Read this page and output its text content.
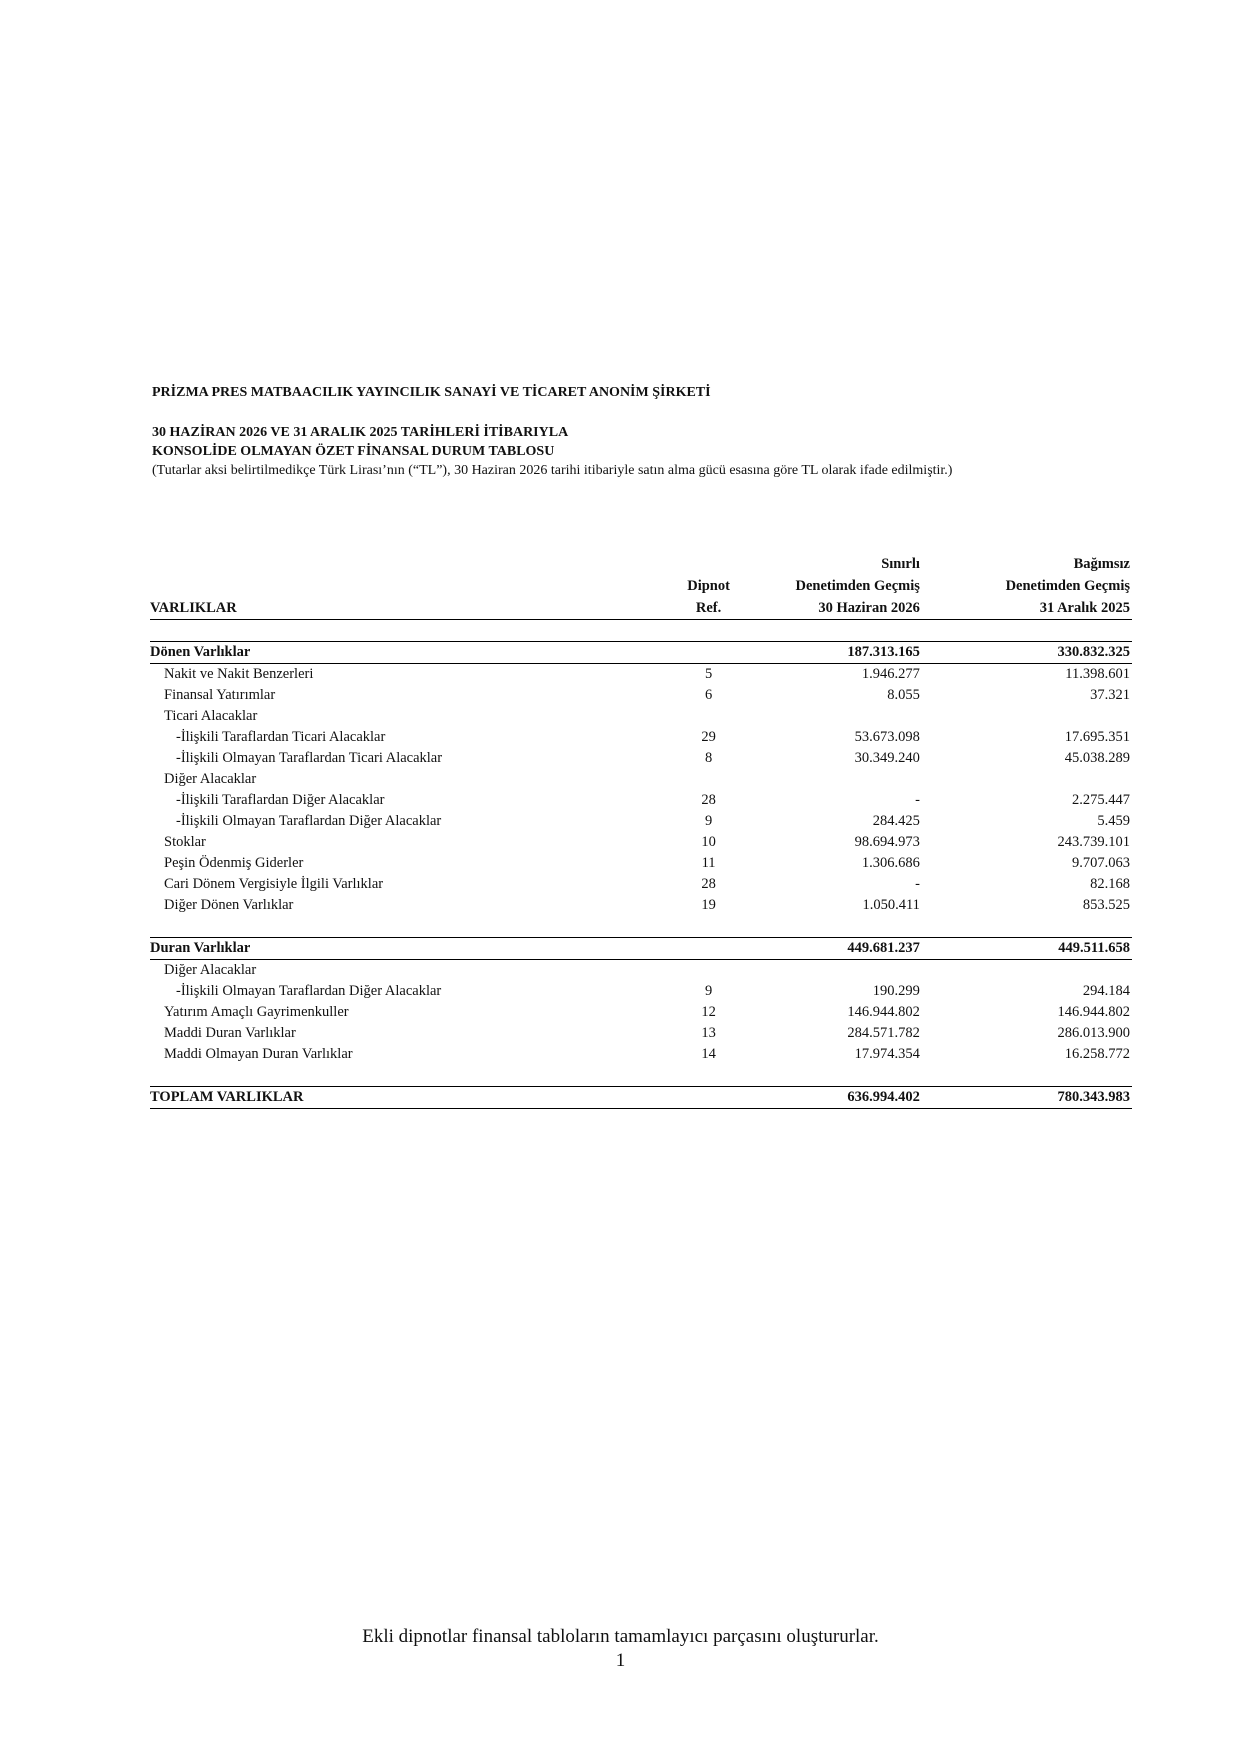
PRİZMA PRES MATBAACILIK YAYINCILIK SANAYİ VE TİCARET ANONİM ŞİRKETİ

30 HAZİRAN 2026 VE 31 ARALIK 2025 TARİHLERİ İTİBARIYLA

KONSOLİDE OLMAYAN ÖZET FİNANSAL DURUM TABLOSU

(Tutarlar aksi belirtilmedikçe Türk Lirası’nın (“TL”), 30 Haziran 2026 tarihi itibariyle satın alma gücü esasına göre TL olarak ifade edilmiştir.)

		Sınırlı	Bağımsız
	Dipnot	Denetimden Geçmiş	Denetimden Geçmiş
VARLIKLAR	Ref.	30 Haziran 2026	31 Aralık 2025

Dönen Varlıklar		187.313.165	330.832.325
Nakit ve Nakit Benzerleri	5	1.946.277	11.398.601
Finansal Yatırımlar	6	8.055	37.321
Ticari Alacaklar			
-İlişkili Taraflardan Ticari Alacaklar	29	53.673.098	17.695.351
-İlişkili Olmayan Taraflardan Ticari Alacaklar	8	30.349.240	45.038.289
Diğer Alacaklar			
-İlişkili Taraflardan Diğer Alacaklar	28	-	2.275.447
-İlişkili Olmayan Taraflardan Diğer Alacaklar	9	284.425	5.459
Stoklar	10	98.694.973	243.739.101
Peşin Ödenmiş Giderler	11	1.306.686	9.707.063
Cari Dönem Vergisiyle İlgili Varlıklar	28	-	82.168
Diğer Dönen Varlıklar	19	1.050.411	853.525

Duran Varlıklar		449.681.237	449.511.658
Diğer Alacaklar			
-İlişkili Olmayan Taraflardan Diğer Alacaklar	9	190.299	294.184
Yatırım Amaçlı Gayrimenkuller	12	146.944.802	146.944.802
Maddi Duran Varlıklar	13	284.571.782	286.013.900
Maddi Olmayan Duran Varlıklar	14	17.974.354	16.258.772

TOPLAM VARLIKLAR		636.994.402	780.343.983
Ekli dipnotlar finansal tabloların tamamlayıcı parçasını oluştururlar.
1
